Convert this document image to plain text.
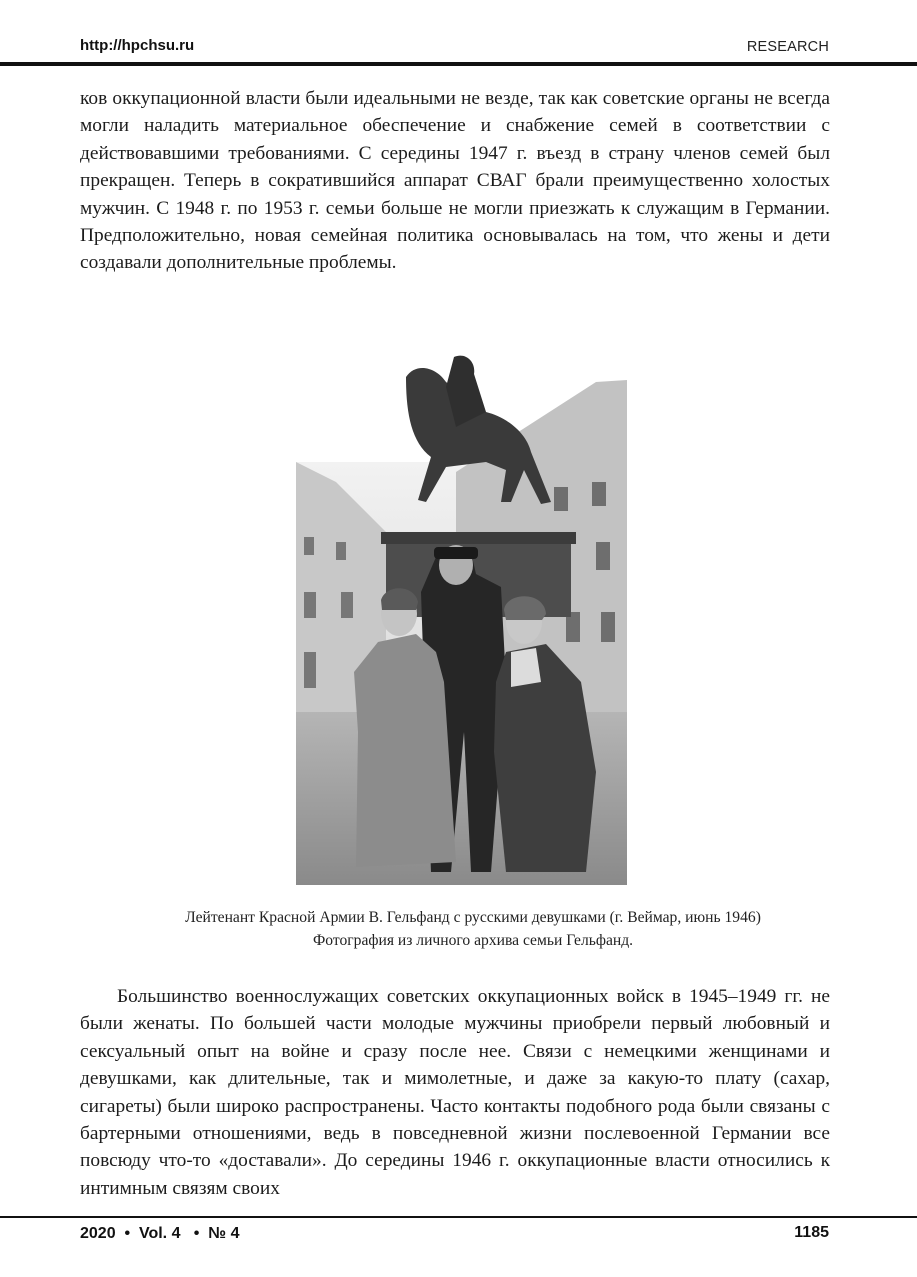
http://hpchsu.ru	RESEARCH

ков оккупационной власти были идеальными не везде, так как советские органы не всегда могли наладить материальное обеспечение и снабжение семей в соответствии с действовавшими требованиями. С середины 1947 г. въезд в страну членов семей был прекращен. Теперь в сократившийся аппарат СВАГ брали преимущественно холостых мужчин. С 1948 г. по 1953 г. семьи больше не могли приезжать к служащим в Германии. Предположительно, новая семейная политика основывалась на том, что жены и дети создавали дополнительные проблемы.

Лейтенант Красной Армии В. Гельфанд с русскими девушками (г. Веймар, июнь 1946)
Фотография из личного архива семьи Гельфанд.

Большинство военнослужащих советских оккупационных войск в 1945–1949 гг. не были женаты. По большей части молодые мужчины приобрели первый любовный и сексуальный опыт на войне и сразу после нее. Связи с немецкими женщинами и девушками, как длительные, так и мимолетные, и даже за какую-то плату (сахар, сигареты) были широко распространены. Часто контакты подобного рода были связаны с бартерными отношениями, ведь в повседневной жизни послевоенной Германии все повсюду что-то «доставали». До середины 1946 г. оккупационные власти относились к интимным связям своих

2020  •  Vol. 4   •  № 4	1185
